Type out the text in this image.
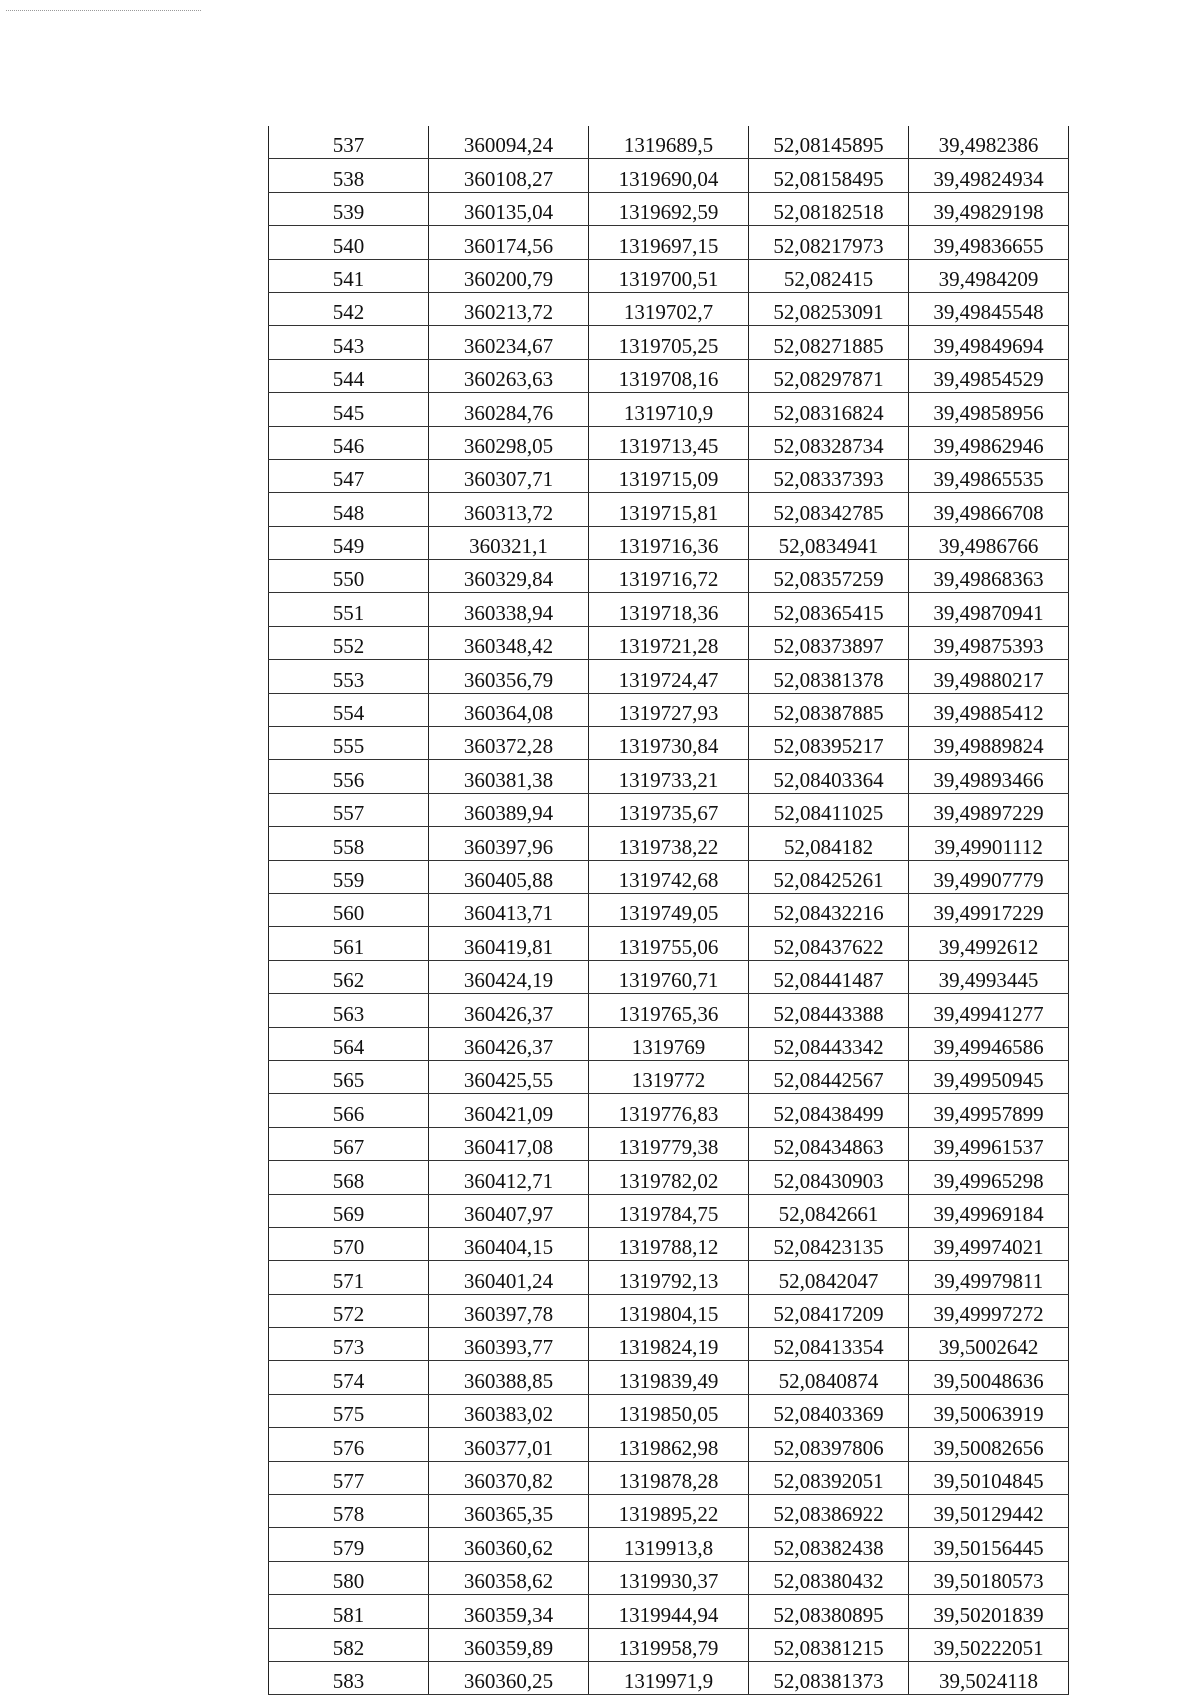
537	360094,24	1319689,5	52,08145895	39,4982386
538	360108,27	1319690,04	52,08158495	39,49824934
539	360135,04	1319692,59	52,08182518	39,49829198
540	360174,56	1319697,15	52,08217973	39,49836655
541	360200,79	1319700,51	52,082415	39,4984209
542	360213,72	1319702,7	52,08253091	39,49845548
543	360234,67	1319705,25	52,08271885	39,49849694
544	360263,63	1319708,16	52,08297871	39,49854529
545	360284,76	1319710,9	52,08316824	39,49858956
546	360298,05	1319713,45	52,08328734	39,49862946
547	360307,71	1319715,09	52,08337393	39,49865535
548	360313,72	1319715,81	52,08342785	39,49866708
549	360321,1	1319716,36	52,0834941	39,4986766
550	360329,84	1319716,72	52,08357259	39,49868363
551	360338,94	1319718,36	52,08365415	39,49870941
552	360348,42	1319721,28	52,08373897	39,49875393
553	360356,79	1319724,47	52,08381378	39,49880217
554	360364,08	1319727,93	52,08387885	39,49885412
555	360372,28	1319730,84	52,08395217	39,49889824
556	360381,38	1319733,21	52,08403364	39,49893466
557	360389,94	1319735,67	52,08411025	39,49897229
558	360397,96	1319738,22	52,084182	39,49901112
559	360405,88	1319742,68	52,08425261	39,49907779
560	360413,71	1319749,05	52,08432216	39,49917229
561	360419,81	1319755,06	52,08437622	39,4992612
562	360424,19	1319760,71	52,08441487	39,4993445
563	360426,37	1319765,36	52,08443388	39,49941277
564	360426,37	1319769	52,08443342	39,49946586
565	360425,55	1319772	52,08442567	39,49950945
566	360421,09	1319776,83	52,08438499	39,49957899
567	360417,08	1319779,38	52,08434863	39,49961537
568	360412,71	1319782,02	52,08430903	39,49965298
569	360407,97	1319784,75	52,0842661	39,49969184
570	360404,15	1319788,12	52,08423135	39,49974021
571	360401,24	1319792,13	52,0842047	39,49979811
572	360397,78	1319804,15	52,08417209	39,49997272
573	360393,77	1319824,19	52,08413354	39,5002642
574	360388,85	1319839,49	52,0840874	39,50048636
575	360383,02	1319850,05	52,08403369	39,50063919
576	360377,01	1319862,98	52,08397806	39,50082656
577	360370,82	1319878,28	52,08392051	39,50104845
578	360365,35	1319895,22	52,08386922	39,50129442
579	360360,62	1319913,8	52,08382438	39,50156445
580	360358,62	1319930,37	52,08380432	39,50180573
581	360359,34	1319944,94	52,08380895	39,50201839
582	360359,89	1319958,79	52,08381215	39,50222051
583	360360,25	1319971,9	52,08381373	39,5024118
